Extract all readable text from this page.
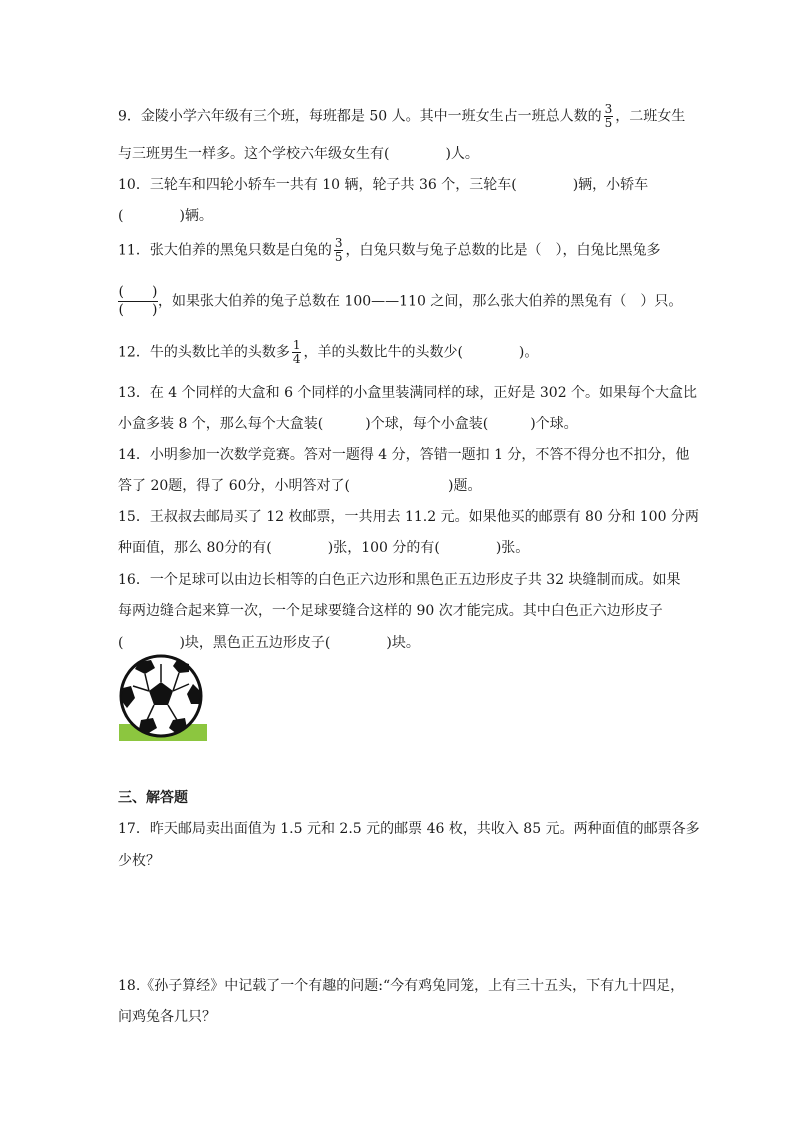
9．金陵小学六年级有三个班，每班都是 50 人。其中一班女生占一班总人数的 $\frac{3}{5}$ ，二班女生
与三班男生一样多。这个学校六年级女生有(　　　　)人。
10．三轮车和四轮小轿车一共有 10 辆，轮子共 36 个，三轮车(　　　　)辆，小轿车
(　　　　)辆。
11．张大伯养的黑兔只数是白兔的 $\frac{3}{5}$ ，白兔只数与兔子总数的比是（　），白兔比黑兔多
$\frac{( )}{( )}$ ，如果张大伯养的兔子总数在 100——110 之间，那么张大伯养的黑兔有（　）只。
12．牛的头数比羊的头数多 $\frac{1}{4}$ ，羊的头数比牛的头数少(　　　　)。
13．在 4 个同样的大盒和 6 个同样的小盒里装满同样的球，正好是 302 个。如果每个大盒比
小盒多装 8 个，那么每个大盒装(　　　)个球，每个小盒装(　　　)个球。
14．小明参加一次数学竞赛。答对一题得 4 分，答错一题扣 1 分，不答不得分也不扣分，他
答了 20题，得了 60分，小明答对了(　　　　　　　)题。
15．王叔叔去邮局买了 12 枚邮票，一共用去 11.2 元。如果他买的邮票有 80 分和 100 分两
种面值，那么 80分的有(　　　　)张，100 分的有(　　　　)张。
16．一个足球可以由边长相等的白色正六边形和黑色正五边形皮子共 32 块缝制而成。如果
每两边缝合起来算一次，一个足球要缝合这样的 90 次才能完成。其中白色正六边形皮子
(　　　　)块，黑色正五边形皮子(　　　　)块。
三、解答题
17．昨天邮局卖出面值为 1.5 元和 2.5 元的邮票 46 枚，共收入 85 元。两种面值的邮票各多
少枚？
18.《孙子算经》中记载了一个有趣的问题:“今有鸡兔同笼，上有三十五头，下有九十四足，
问鸡兔各几只？
